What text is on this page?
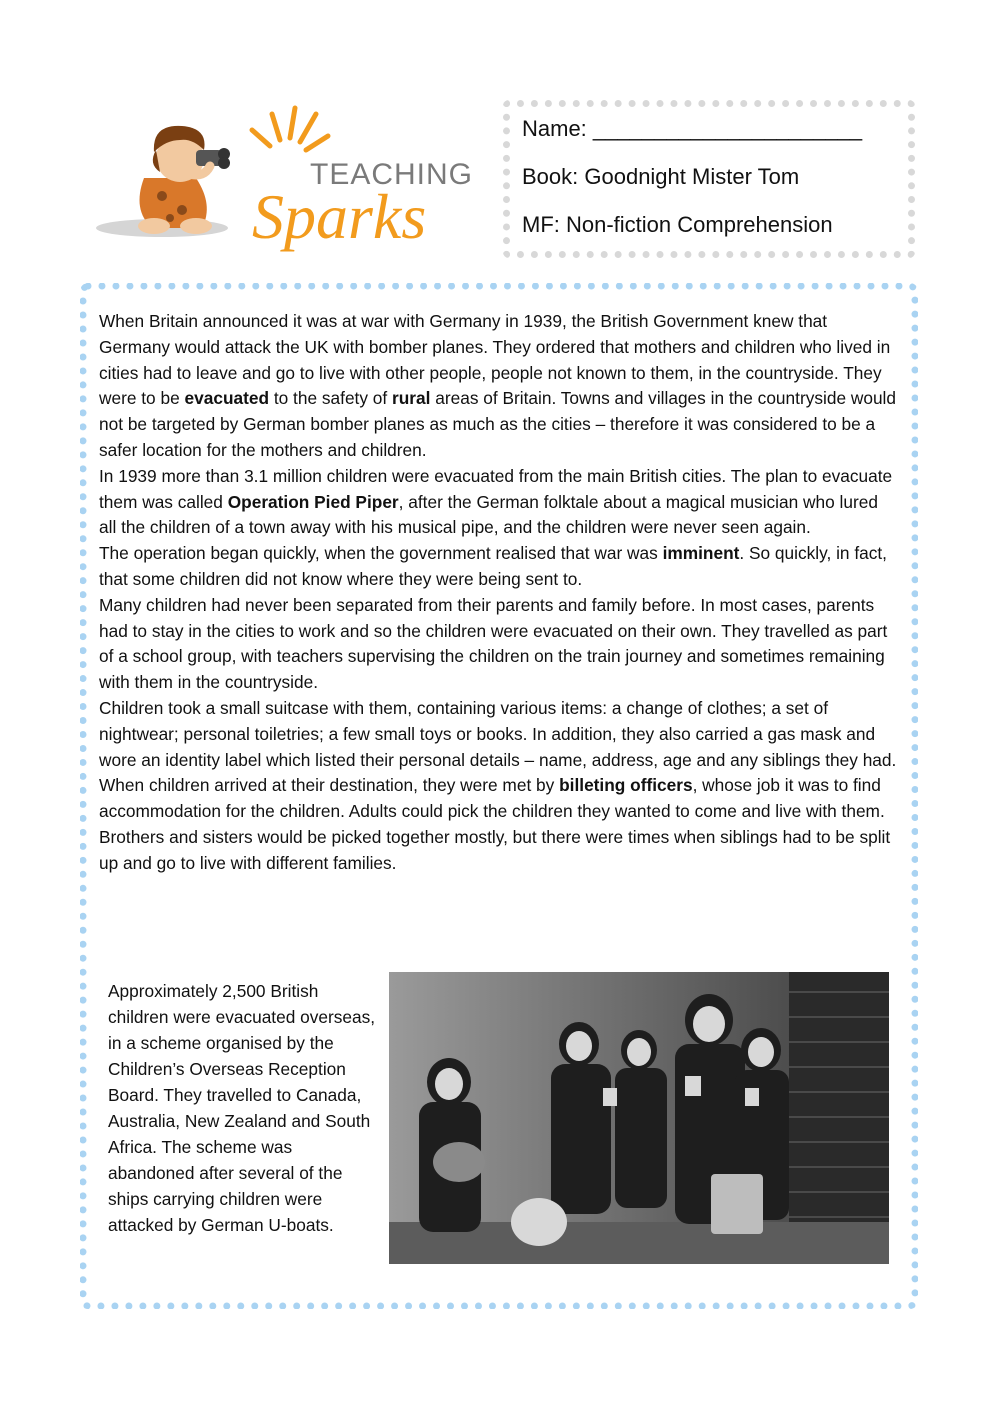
TEACHING
Sparks
Name: ______________________
Book: Goodnight Mister Tom
MF: Non-fiction Comprehension

When Britain announced it was at war with Germany in 1939, the British Government knew that Germany would attack the UK with bomber planes. They ordered that mothers and children who lived in cities had to leave and go to live with other people, people not known to them, in the countryside. They were to be evacuated to the safety of rural areas of Britain. Towns and villages in the countryside would not be targeted by German bomber planes as much as the cities – therefore it was considered to be a safer location for the mothers and children.

In 1939 more than 3.1 million children were evacuated from the main British cities. The plan to evacuate them was called Operation Pied Piper, after the German folktale about a magical musician who lured all the children of a town away with his musical pipe, and the children were never seen again.

The operation began quickly, when the government realised that war was imminent. So quickly, in fact, that some children did not know where they were being sent to.

Many children had never been separated from their parents and family before. In most cases, parents had to stay in the cities to work and so the children were evacuated on their own. They travelled as part of a school group, with teachers supervising the children on the train journey and sometimes remaining with them in the countryside.

Children took a small suitcase with them, containing various items: a change of clothes; a set of nightwear; personal toiletries; a few small toys or books. In addition, they also carried a gas mask and wore an identity label which listed their personal details – name, address, age and any siblings they had.

When children arrived at their destination, they were met by billeting officers, whose job it was to find accommodation for the children. Adults could pick the children they wanted to come and live with them. Brothers and sisters would be picked together mostly, but there were times when siblings had to be split up and go to live with different families.

Approximately 2,500 British children were evacuated overseas, in a scheme organised by the Children’s Overseas Reception Board. They travelled to Canada, Australia, New Zealand and South Africa. The scheme was abandoned after several of the ships carrying children were attacked by German U-boats.
